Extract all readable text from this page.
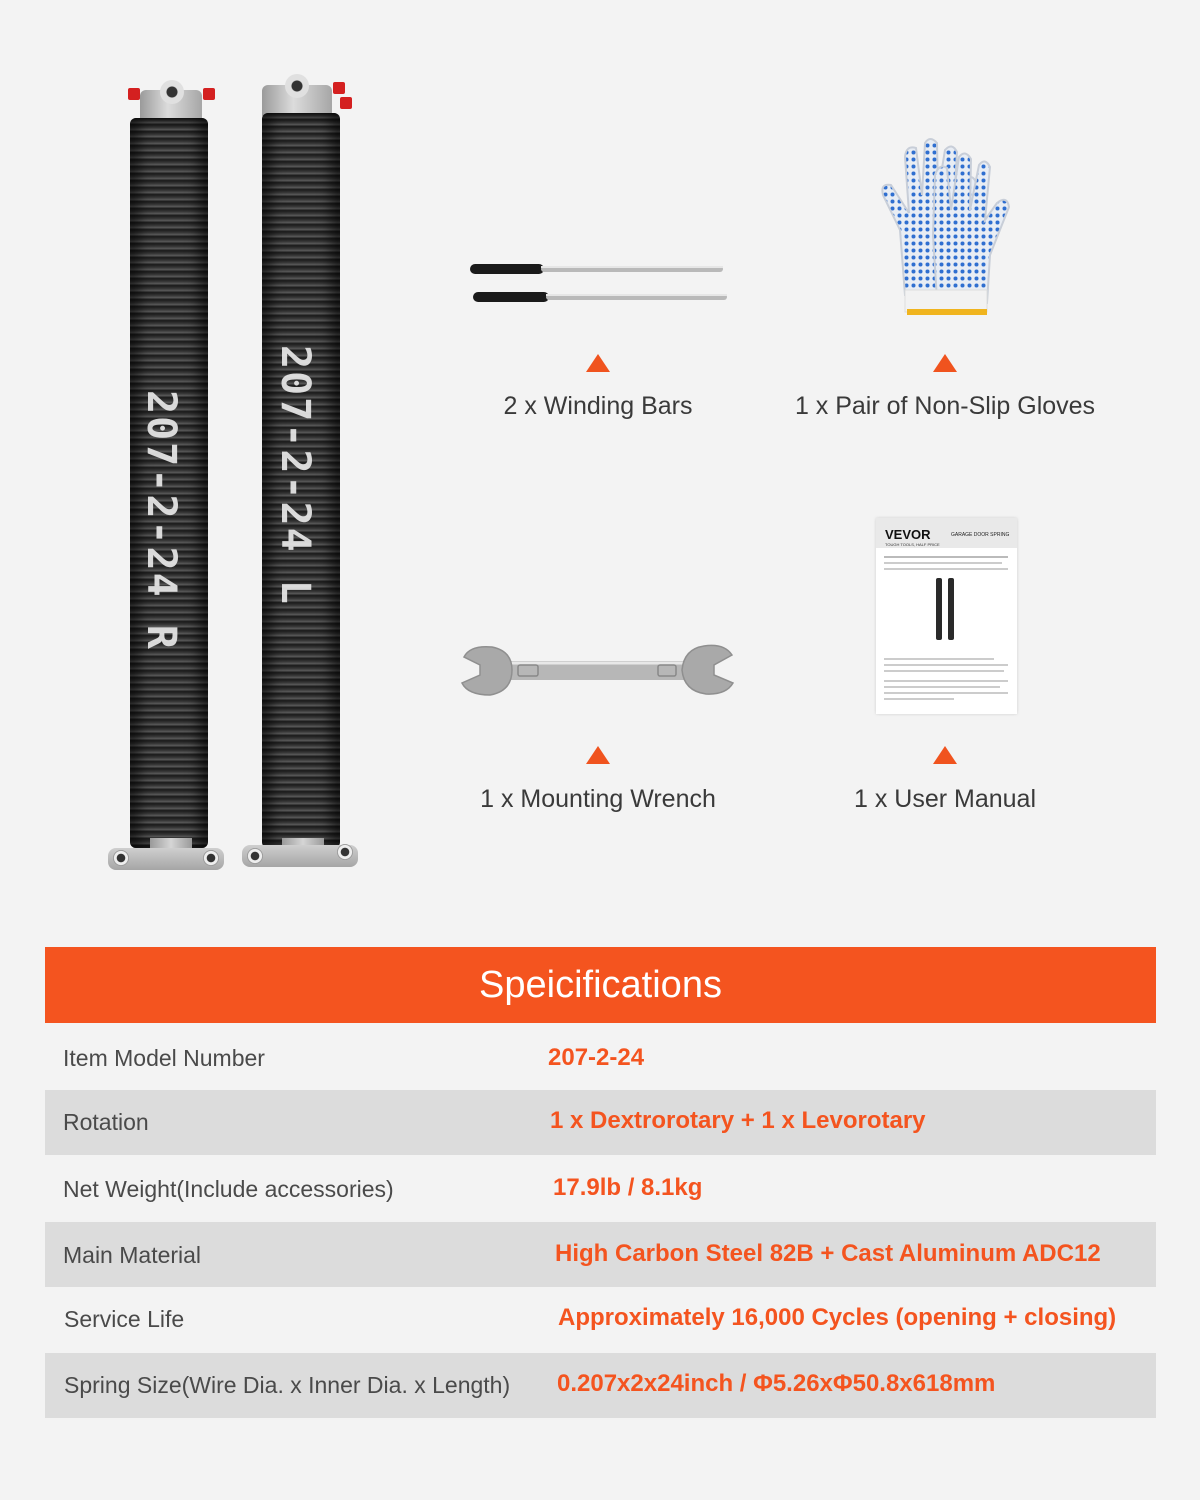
207-2-24 R 207-2-24 L	2 x Winding Bars	1 x Pair of Non-Slip Gloves
1 x Mounting Wrench
VEVOR
TOUGH TOOLS, HALF PRICE
GARAGE DOOR SPRING
1 x User Manual
Speicifications
Item Model Number	207-2-24
Rotation	1 x Dextrorotary + 1 x Levorotary
Net Weight(Include accessories)	17.9lb / 8.1kg
Main Material	High Carbon Steel 82B + Cast Aluminum ADC12
Service Life	Approximately 16,000 Cycles (opening + closing)
Spring Size(Wire Dia. x Inner Dia. x Length) 0.207x2x24inch / Φ5.26xΦ50.8x618mm
